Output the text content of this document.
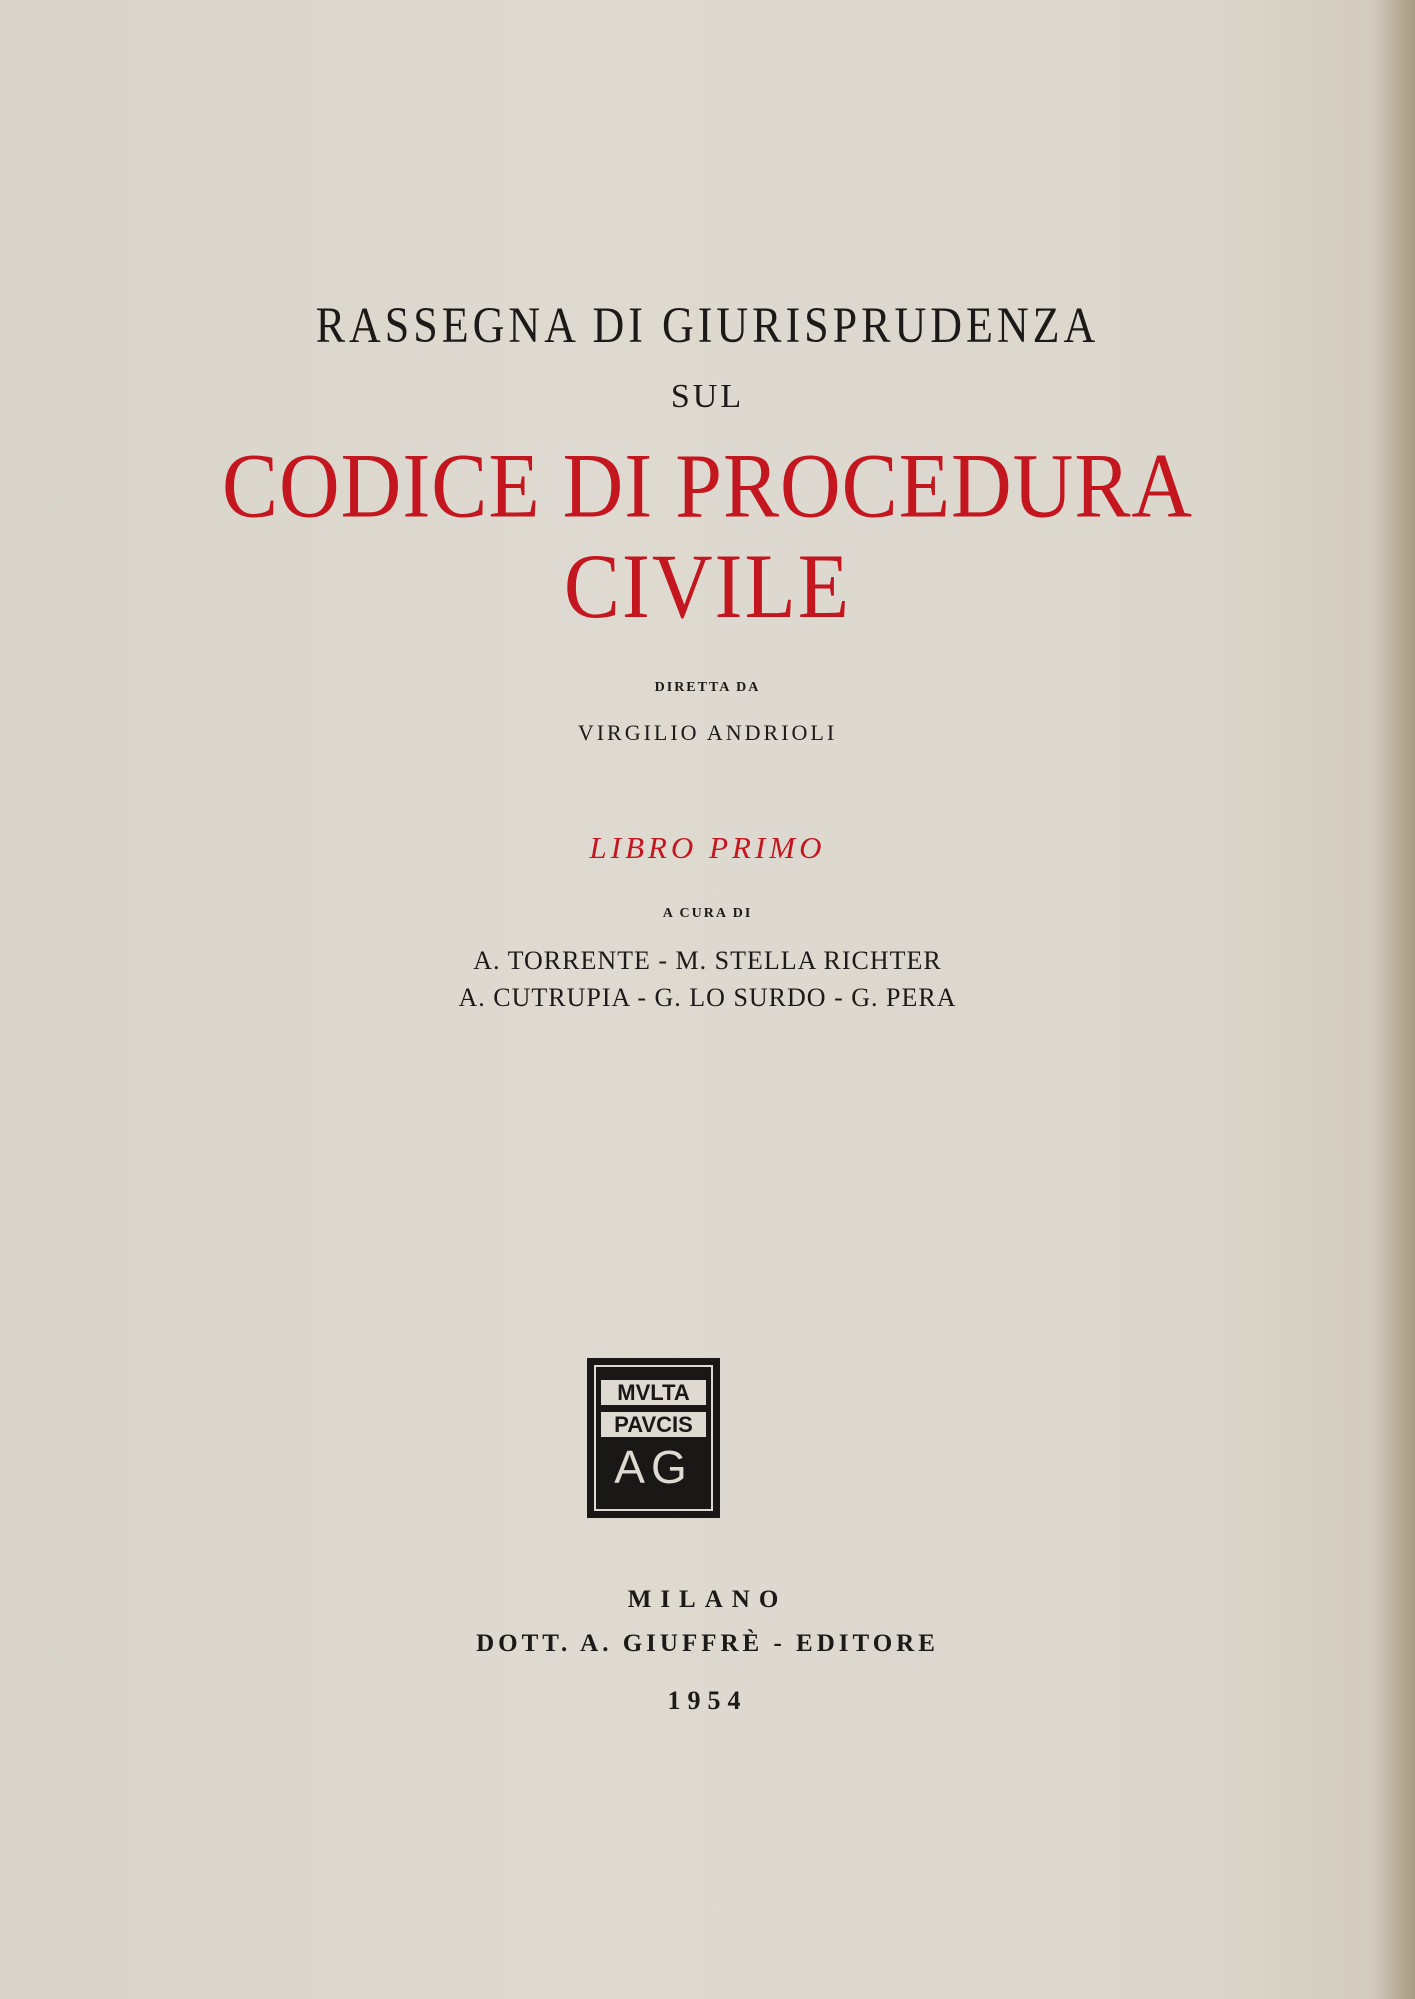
RASSEGNA DI GIURISPRUDENZA
SUL
CODICE DI PROCEDURA
CIVILE
DIRETTA DA
VIRGILIO ANDRIOLI
LIBRO PRIMO
A CURA DI
A. TORRENTE - M. STELLA RICHTER
A. CUTRUPIA - G. LO SURDO - G. PERA
MVLTA
PAVCIS
AG
MILANO
DOTT. A. GIUFFRÈ - EDITORE
1954
